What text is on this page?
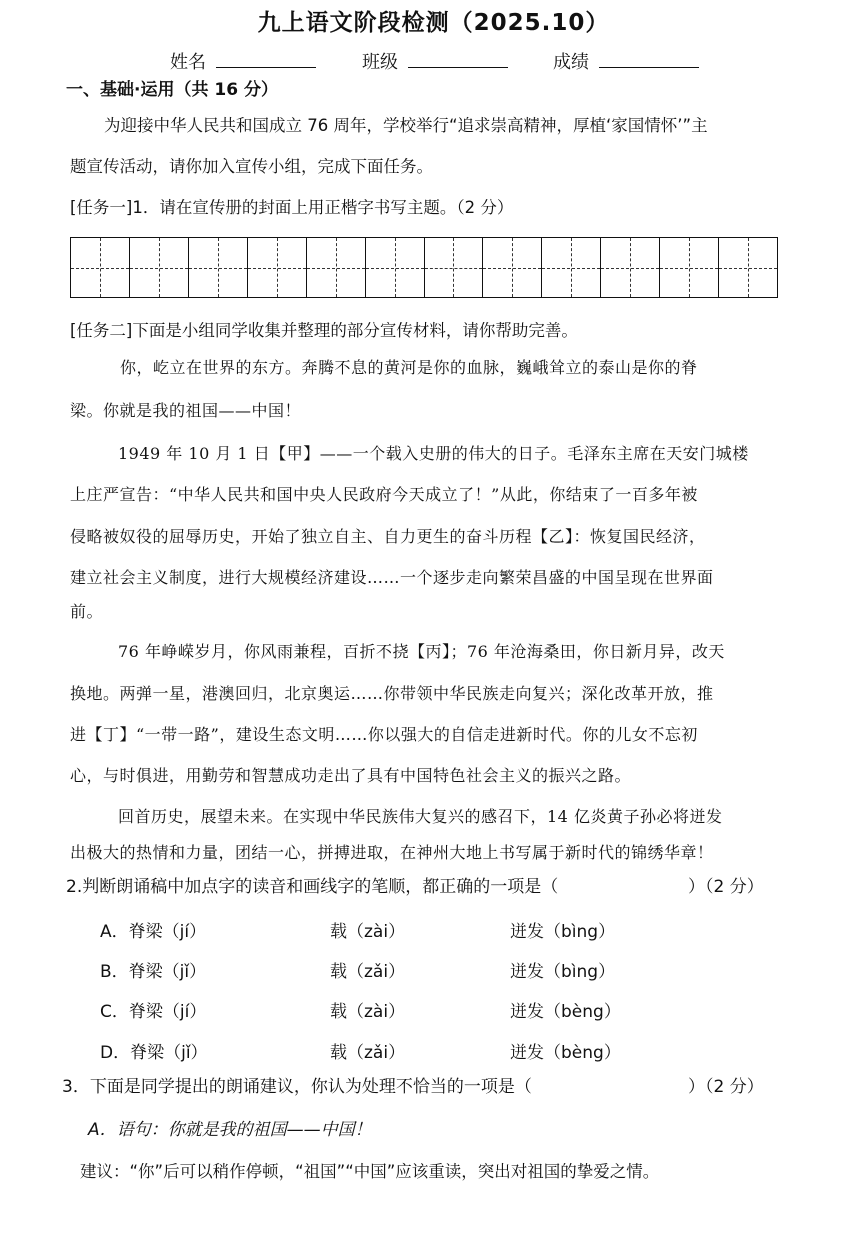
九上语文阶段检测（2025.10）
姓名	班级	成绩
一、基础·运用（共 16 分）
为迎接中华人民共和国成立 76 周年，学校举行“追求崇高精神，厚植‘家国情怀’”主
题宣传活动，请你加入宣传小组，完成下面任务。
[任务一]1．请在宣传册的封面上用正楷字书写主题。（2 分）
[任务二]下面是小组同学收集并整理的部分宣传材料，请你帮助完善。
你，屹立在世界的东方。奔腾不息的黄河是你的血脉，巍峨耸立的泰山是你的脊
梁。你就是我的祖国——中国！
1949 年 10 月 1 日【甲】——一个载入史册的伟大的日子。毛泽东主席在天安门城楼
上庄严宣告：“中华人民共和国中央人民政府今天成立了！”从此，你结束了一百多年被
侵略被奴役的屈辱历史，开始了独立自主、自力更生的奋斗历程【乙】：恢复国民经济，
建立社会主义制度，进行大规模经济建设……一个逐步走向繁荣昌盛的中国呈现在世界面
前。
76 年峥嵘岁月，你风雨兼程，百折不挠【丙】；76 年沧海桑田，你日新月异，改天
换地。两弹一星，港澳回归，北京奥运……你带领中华民族走向复兴；深化改革开放，推
进【丁】“一带一路”，建设生态文明……你以强大的自信走进新时代。你的儿女不忘初
心，与时俱进，用勤劳和智慧成功走出了具有中国特色社会主义的振兴之路。
回首历史，展望未来。在实现中华民族伟大复兴的感召下，14 亿炎黄子孙必将迸发
出极大的热情和力量，团结一心，拼搏进取，在神州大地上书写属于新时代的锦绣华章！
2.判断朗诵稿中加点字的读音和画线字的笔顺，都正确的一项是（	）（2 分）
A．脊梁（jí）	载（zài）	迸发（bìng）
B．脊梁（jǐ）	载（zǎi）	迸发（bìng）
C．脊梁（jí）	载（zài）	迸发（bèng）
D．脊梁（jǐ）	载（zǎi）	迸发（bèng）
3．下面是同学提出的朗诵建议，你认为处理不恰当的一项是（	）（2 分）
A．语句：你就是我的祖国——中国！
建议：“你”后可以稍作停顿，“祖国”“中国”应该重读，突出对祖国的挚爱之情。
